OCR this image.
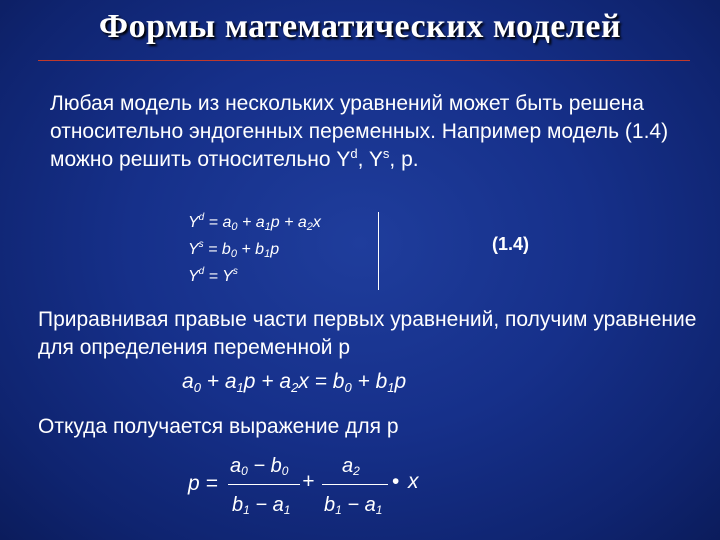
Формы математических моделей

Любая модель из нескольких уравнений может быть решена относительно эндогенных переменных. Например модель (1.4) можно решить относительно $Y^d$, $Y^s$, p.

$Y^d = a_0 + a_1p + a_2x$
$Y^s = b_0 + b_1p$
$Y^d = Y^s$
(1.4)

Приравнивая правые части первых уравнений, получим уравнение для определения переменной p

$a_0 + a_1p + a_2x = b_0 + b_1p$

Откуда получается выражение для p

p =
$a_0 - b_0$
$b_1 - a_1$
+
$a_2$
$b_1 - a_1$
• x
